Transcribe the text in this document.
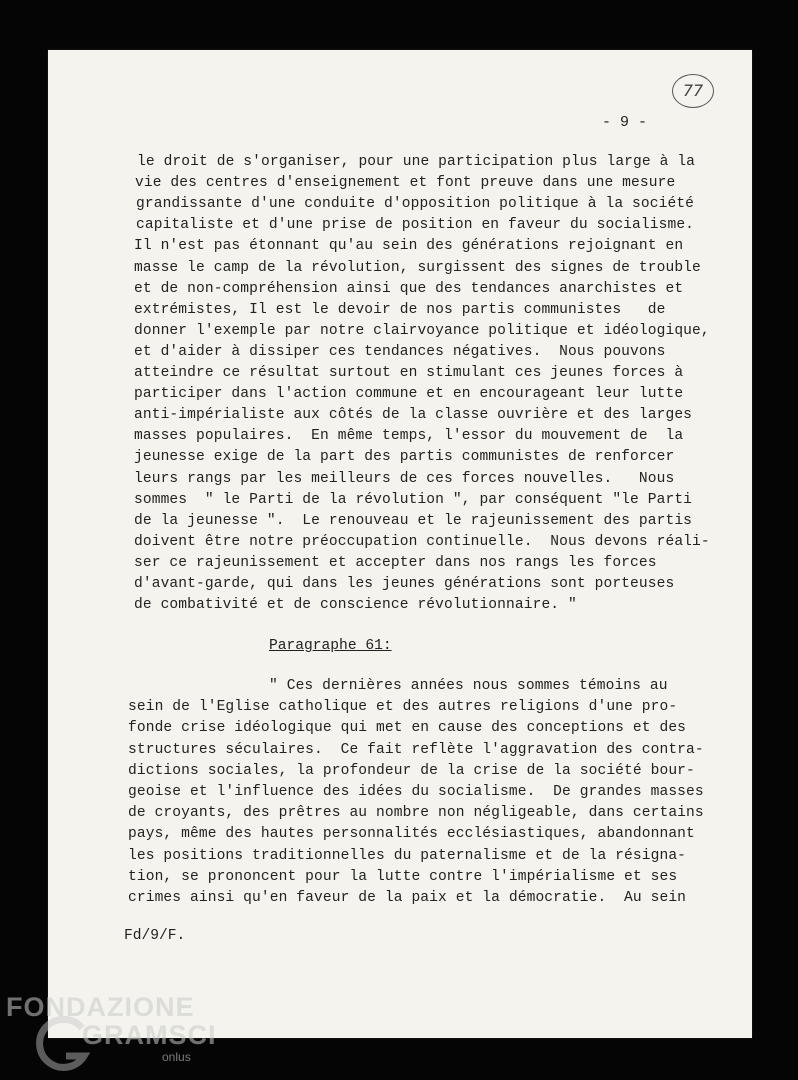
77
- 9 -
le droit de s'organiser, pour une participation plus large à la
vie des centres d'enseignement et font preuve dans une mesure
grandissante d'une conduite d'opposition politique à la société
capitaliste et d'une prise de position en faveur du socialisme.
Il n'est pas étonnant qu'au sein des générations rejoignant en
masse le camp de la révolution, surgissent des signes de trouble
et de non-compréhension ainsi que des tendances anarchistes et
extrémistes, Il est le devoir de nos partis communistes   de
donner l'exemple par notre clairvoyance politique et idéologique,
et d'aider à dissiper ces tendances négatives.  Nous pouvons
atteindre ce résultat surtout en stimulant ces jeunes forces à
participer dans l'action commune et en encourageant leur lutte
anti-impérialiste aux côtés de la classe ouvrière et des larges
masses populaires.  En même temps, l'essor du mouvement de  la
jeunesse exige de la part des partis communistes de renforcer
leurs rangs par les meilleurs de ces forces nouvelles.   Nous
sommes  " le Parti de la révolution ", par conséquent "le Parti
de la jeunesse ".  Le renouveau et le rajeunissement des partis
doivent être notre préoccupation continuelle.  Nous devons réali-
ser ce rajeunissement et accepter dans nos rangs les forces
d'avant-garde, qui dans les jeunes générations sont porteuses
de combativité et de conscience révolutionnaire. "
Paragraphe 61:
" Ces dernières années nous sommes témoins au
sein de l'Eglise catholique et des autres religions d'une pro-
fonde crise idéologique qui met en cause des conceptions et des
structures séculaires.  Ce fait reflète l'aggravation des contra-
dictions sociales, la profondeur de la crise de la société bour-
geoise et l'influence des idées du socialisme.  De grandes masses
de croyants, des prêtres au nombre non négligeable, dans certains
pays, même des hautes personnalités ecclésiastiques, abandonnant
les positions traditionnelles du paternalisme et de la résigna-
tion, se prononcent pour la lutte contre l'impérialisme et ses
crimes ainsi qu'en faveur de la paix et la démocratie.  Au sein
Fd/9/F.
FONDAZIONE
GRAMSCI
onlus
